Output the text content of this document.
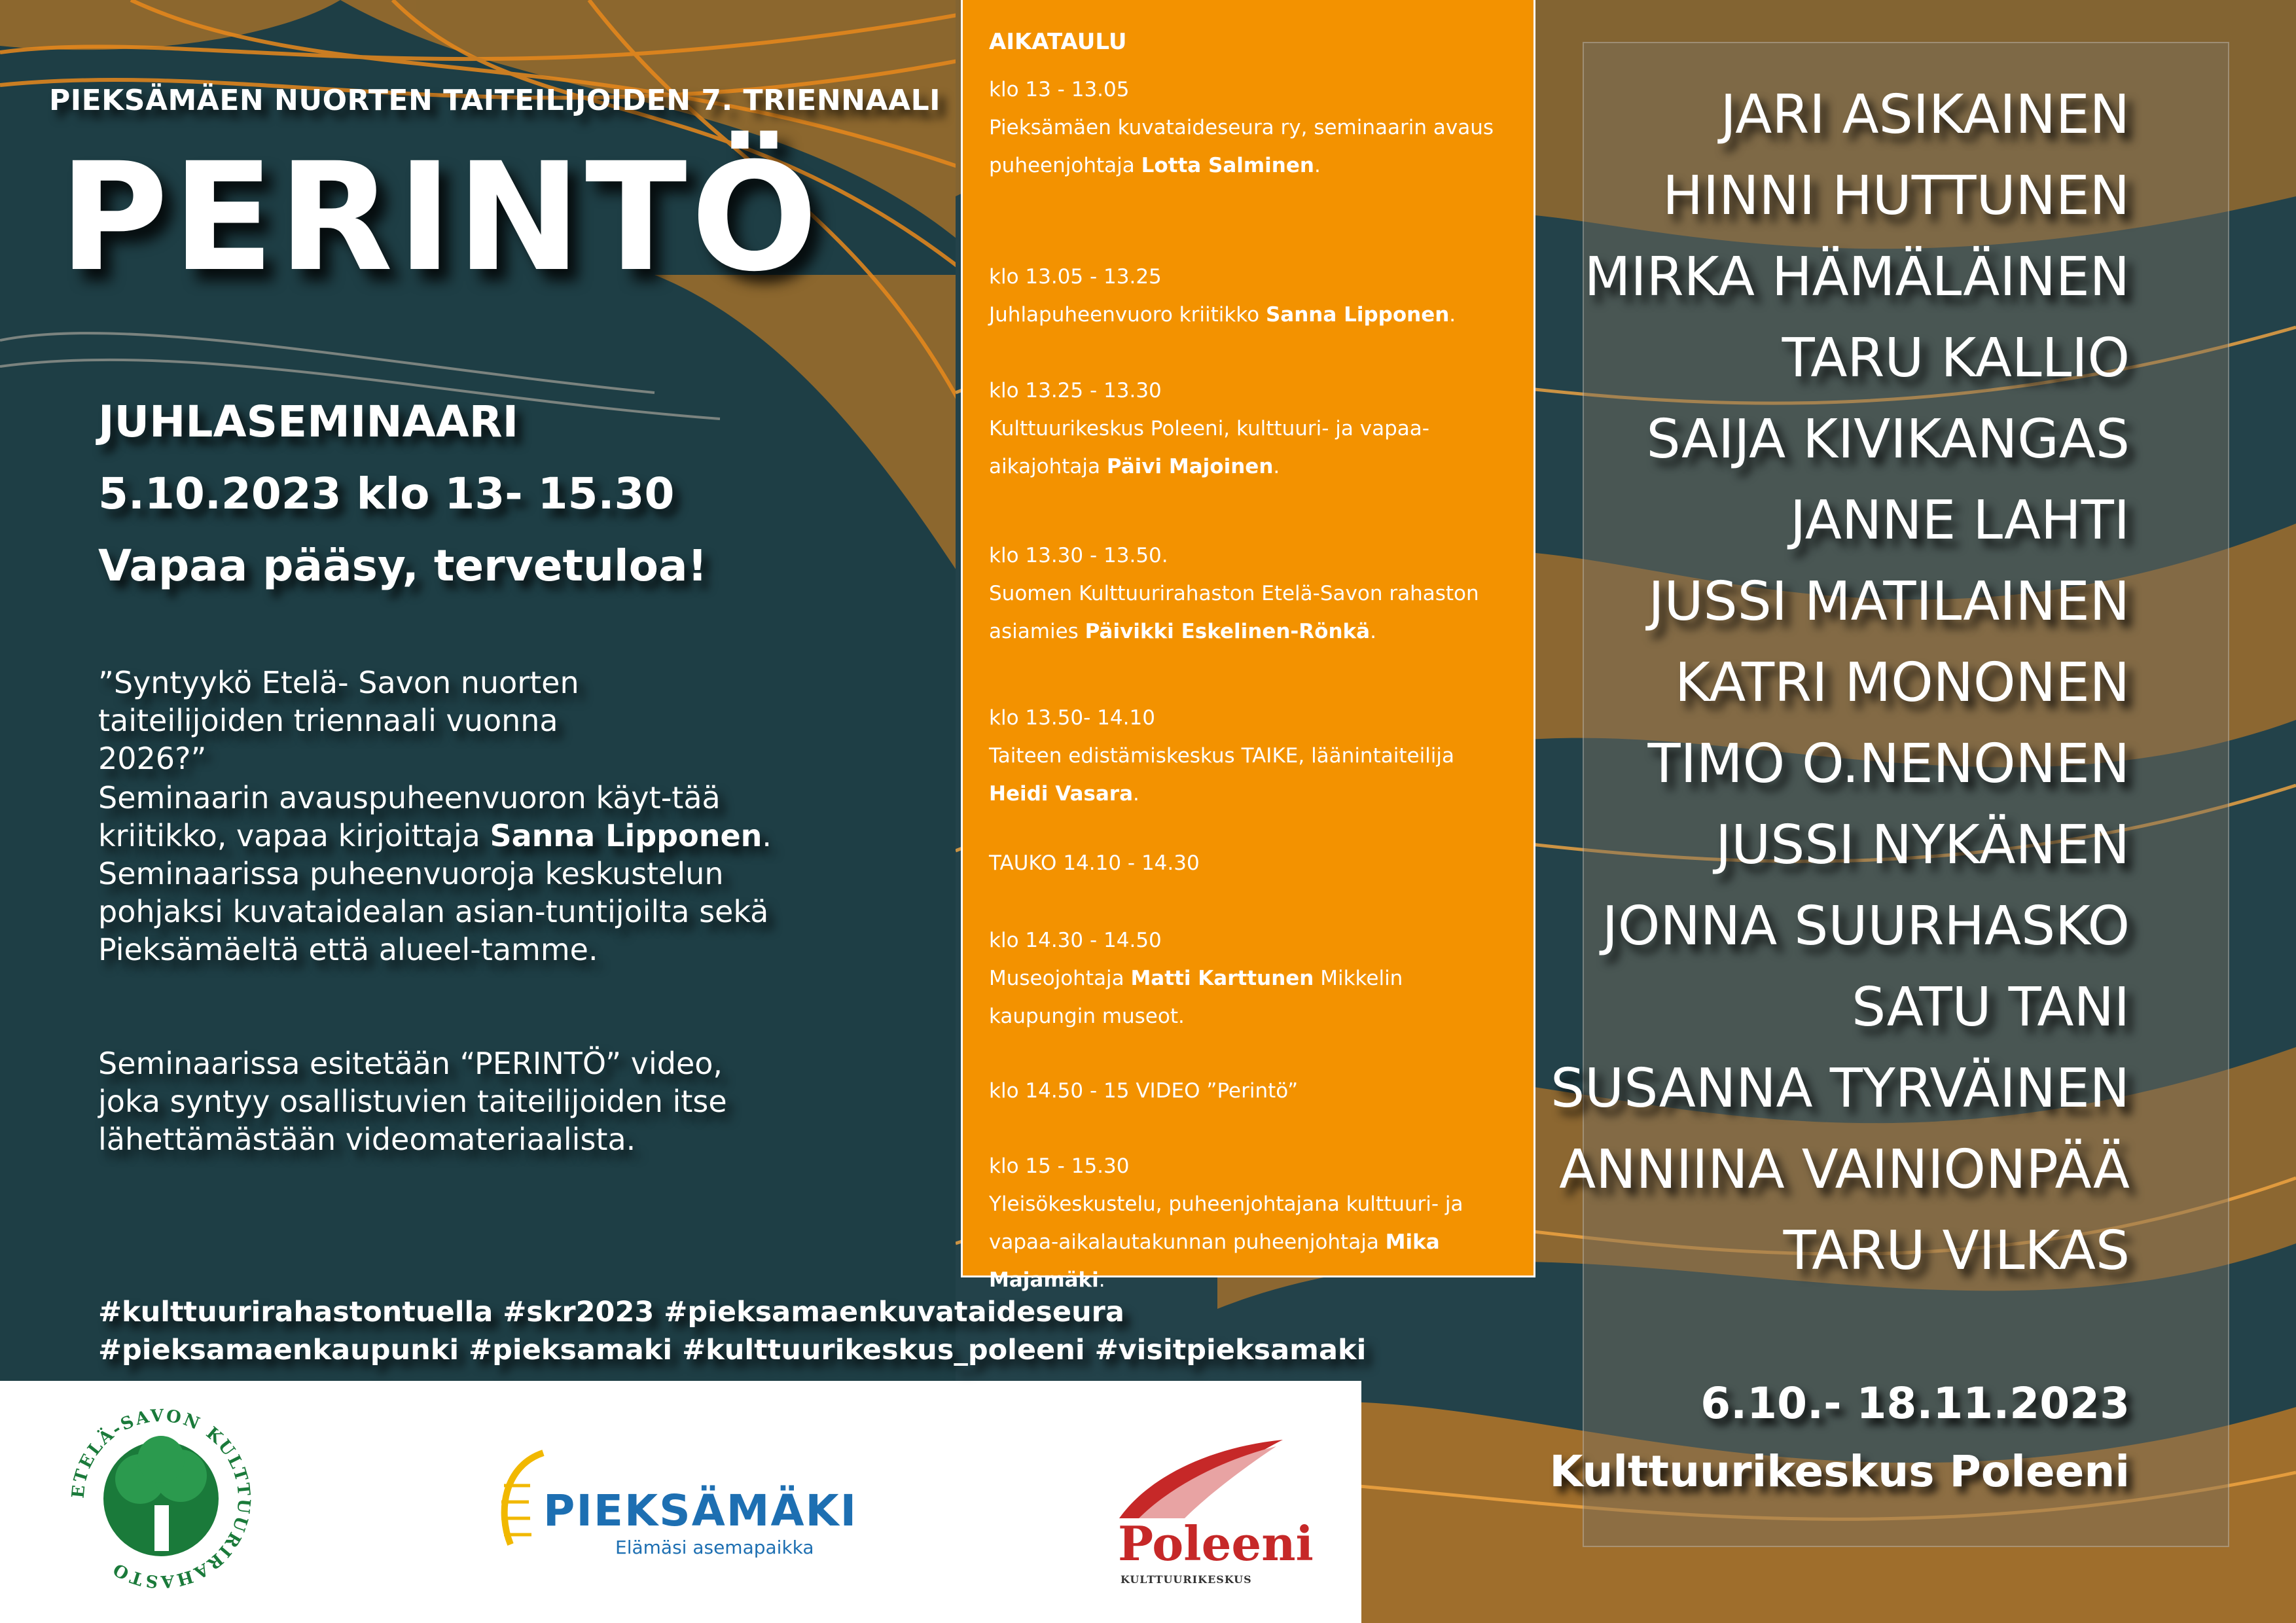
PIEKSÄMÄEN NUORTEN TAITEILIJOIDEN 7. TRIENNAALI
PERINTÖ
JUHLASEMINAARI
5.10.2023 klo 13- 15.30
Vapaa pääsy, tervetuloa!
”Syntyykö Etelä- Savon nuorten taiteilijoiden triennaali vuonna 2026?”
Seminaarin avauspuheenvuoron käyt-tää kriitikko, vapaa kirjoittaja Sanna Lipponen. Seminaarissa puheenvuoroja keskustelun pohjaksi kuvataidealan asian-tuntijoilta sekä Pieksämäeltä että alueel-tamme.
Seminaarissa esitetään “PERINTÖ” video, joka syntyy osallistuvien taiteilijoiden itse lähettämästään videomateriaalista.
#kulttuurirahastontuella #skr2023 #pieksamaenkuvataideseura
#pieksamaenkaupunki #pieksamaki #kulttuurikeskus_poleeni #visitpieksamaki
AIKATAULU
klo 13 - 13.05
Pieksämäen kuvataideseura ry, seminaarin avaus puheenjohtaja Lotta Salminen.
klo 13.05 - 13.25
Juhlapuheenvuoro kriitikko Sanna Lipponen.
klo 13.25 - 13.30
Kulttuurikeskus Poleeni, kulttuuri- ja vapaa-aikajohtaja Päivi Majoinen.
klo 13.30 - 13.50.
Suomen Kulttuurirahaston Etelä-Savon rahaston asiamies Päivikki Eskelinen-Rönkä.
klo 13.50- 14.10
Taiteen edistämiskeskus TAIKE, läänintaiteilija Heidi Vasara.
TAUKO 14.10 - 14.30
klo 14.30 - 14.50
Museojohtaja Matti Karttunen Mikkelin kaupungin museot.
klo 14.50 - 15 VIDEO ”Perintö”
klo 15 - 15.30
Yleisökeskustelu, puheenjohtajana kulttuuri- ja vapaa-aikalautakunnan puheenjohtaja Mika Majamäki.
JARI ASIKAINEN
HINNI HUTTUNEN
MIRKA HÄMÄLÄINEN
TARU KALLIO
SAIJA KIVIKANGAS
JANNE LAHTI
JUSSI MATILAINEN
KATRI MONONEN
TIMO O.NENONEN
JUSSI NYKÄNEN
JONNA SUURHASKO
SATU TANI
SUSANNA TYRVÄINEN
ANNIINA VAINIONPÄÄ
TARU VILKAS
6.10.- 18.11.2023
Kulttuurikeskus Poleeni
ETELÄ-SAVON KULTTUURIRAHASTO
PIEKSÄMÄKI
Elämäsi asemapaikka	Poleeni
KULTTUURIKESKUS
